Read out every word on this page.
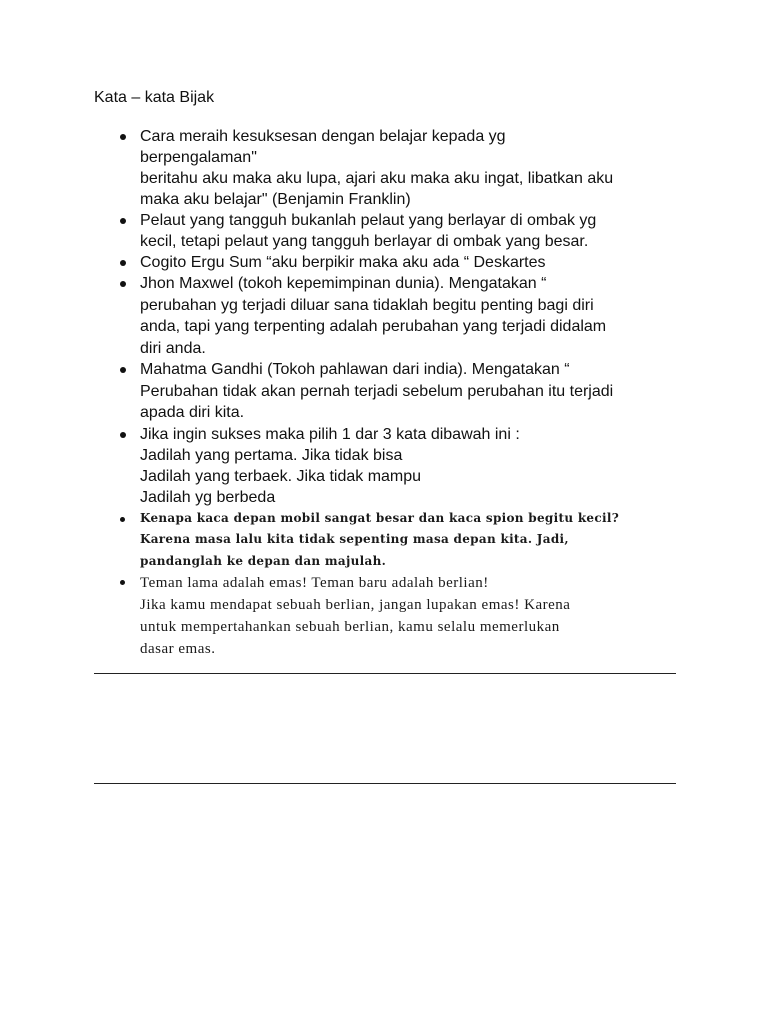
Kata – kata Bijak
Cara meraih kesuksesan dengan belajar kepada yg
berpengalaman"
beritahu aku maka aku lupa, ajari aku maka aku ingat, libatkan aku
maka aku belajar" (Benjamin Franklin)
Pelaut yang tangguh bukanlah pelaut yang berlayar di ombak yg
kecil, tetapi pelaut yang tangguh berlayar di ombak yang besar.
Cogito Ergu Sum “aku berpikir maka aku ada “ Deskartes
Jhon Maxwel (tokoh kepemimpinan dunia). Mengatakan “
perubahan yg terjadi diluar sana tidaklah begitu penting bagi diri
anda, tapi yang terpenting adalah perubahan yang terjadi didalam
diri anda.
Mahatma Gandhi (Tokoh pahlawan dari india). Mengatakan “
Perubahan tidak akan pernah terjadi sebelum perubahan itu terjadi
apada diri kita.
Jika ingin sukses maka pilih 1 dar 3 kata dibawah ini :
Jadilah yang pertama. Jika tidak bisa
Jadilah yang terbaek. Jika tidak mampu
Jadilah yg berbeda
Kenapa kaca depan mobil sangat besar dan kaca spion begitu kecil?
Karena masa lalu kita tidak sepenting masa depan kita. Jadi,
pandanglah ke depan dan majulah.
Teman lama adalah emas! Teman baru adalah berlian!
Jika kamu mendapat sebuah berlian, jangan lupakan emas! Karena
untuk mempertahankan sebuah berlian, kamu selalu memerlukan
dasar emas.
